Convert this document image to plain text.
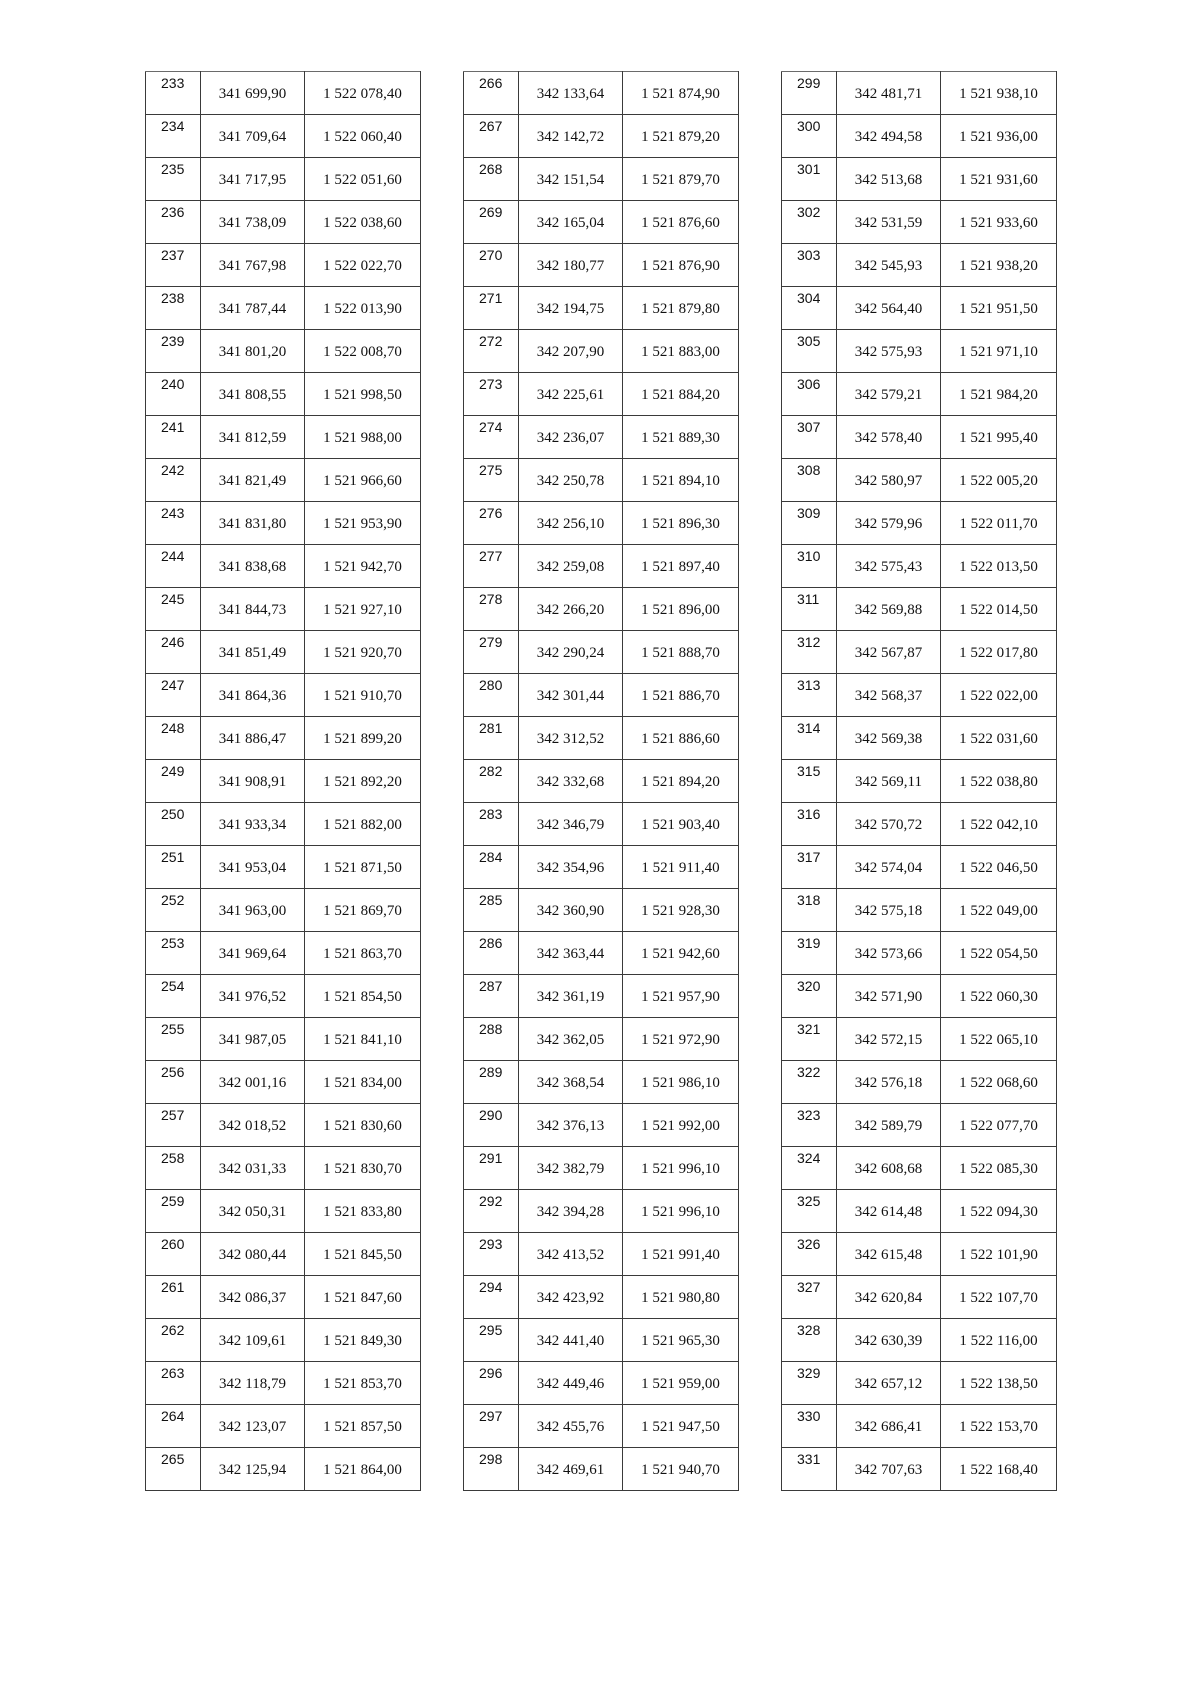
233	341 699,90	1 522 078,40
234	341 709,64	1 522 060,40
235	341 717,95	1 522 051,60
236	341 738,09	1 522 038,60
237	341 767,98	1 522 022,70
238	341 787,44	1 522 013,90
239	341 801,20	1 522 008,70
240	341 808,55	1 521 998,50
241	341 812,59	1 521 988,00
242	341 821,49	1 521 966,60
243	341 831,80	1 521 953,90
244	341 838,68	1 521 942,70
245	341 844,73	1 521 927,10
246	341 851,49	1 521 920,70
247	341 864,36	1 521 910,70
248	341 886,47	1 521 899,20
249	341 908,91	1 521 892,20
250	341 933,34	1 521 882,00
251	341 953,04	1 521 871,50
252	341 963,00	1 521 869,70
253	341 969,64	1 521 863,70
254	341 976,52	1 521 854,50
255	341 987,05	1 521 841,10
256	342 001,16	1 521 834,00
257	342 018,52	1 521 830,60
258	342 031,33	1 521 830,70
259	342 050,31	1 521 833,80
260	342 080,44	1 521 845,50
261	342 086,37	1 521 847,60
262	342 109,61	1 521 849,30
263	342 118,79	1 521 853,70
264	342 123,07	1 521 857,50
265	342 125,94	1 521 864,00
266	342 133,64	1 521 874,90
267	342 142,72	1 521 879,20
268	342 151,54	1 521 879,70
269	342 165,04	1 521 876,60
270	342 180,77	1 521 876,90
271	342 194,75	1 521 879,80
272	342 207,90	1 521 883,00
273	342 225,61	1 521 884,20
274	342 236,07	1 521 889,30
275	342 250,78	1 521 894,10
276	342 256,10	1 521 896,30
277	342 259,08	1 521 897,40
278	342 266,20	1 521 896,00
279	342 290,24	1 521 888,70
280	342 301,44	1 521 886,70
281	342 312,52	1 521 886,60
282	342 332,68	1 521 894,20
283	342 346,79	1 521 903,40
284	342 354,96	1 521 911,40
285	342 360,90	1 521 928,30
286	342 363,44	1 521 942,60
287	342 361,19	1 521 957,90
288	342 362,05	1 521 972,90
289	342 368,54	1 521 986,10
290	342 376,13	1 521 992,00
291	342 382,79	1 521 996,10
292	342 394,28	1 521 996,10
293	342 413,52	1 521 991,40
294	342 423,92	1 521 980,80
295	342 441,40	1 521 965,30
296	342 449,46	1 521 959,00
297	342 455,76	1 521 947,50
298	342 469,61	1 521 940,70
299	342 481,71	1 521 938,10
300	342 494,58	1 521 936,00
301	342 513,68	1 521 931,60
302	342 531,59	1 521 933,60
303	342 545,93	1 521 938,20
304	342 564,40	1 521 951,50
305	342 575,93	1 521 971,10
306	342 579,21	1 521 984,20
307	342 578,40	1 521 995,40
308	342 580,97	1 522 005,20
309	342 579,96	1 522 011,70
310	342 575,43	1 522 013,50
311	342 569,88	1 522 014,50
312	342 567,87	1 522 017,80
313	342 568,37	1 522 022,00
314	342 569,38	1 522 031,60
315	342 569,11	1 522 038,80
316	342 570,72	1 522 042,10
317	342 574,04	1 522 046,50
318	342 575,18	1 522 049,00
319	342 573,66	1 522 054,50
320	342 571,90	1 522 060,30
321	342 572,15	1 522 065,10
322	342 576,18	1 522 068,60
323	342 589,79	1 522 077,70
324	342 608,68	1 522 085,30
325	342 614,48	1 522 094,30
326	342 615,48	1 522 101,90
327	342 620,84	1 522 107,70
328	342 630,39	1 522 116,00
329	342 657,12	1 522 138,50
330	342 686,41	1 522 153,70
331	342 707,63	1 522 168,40
